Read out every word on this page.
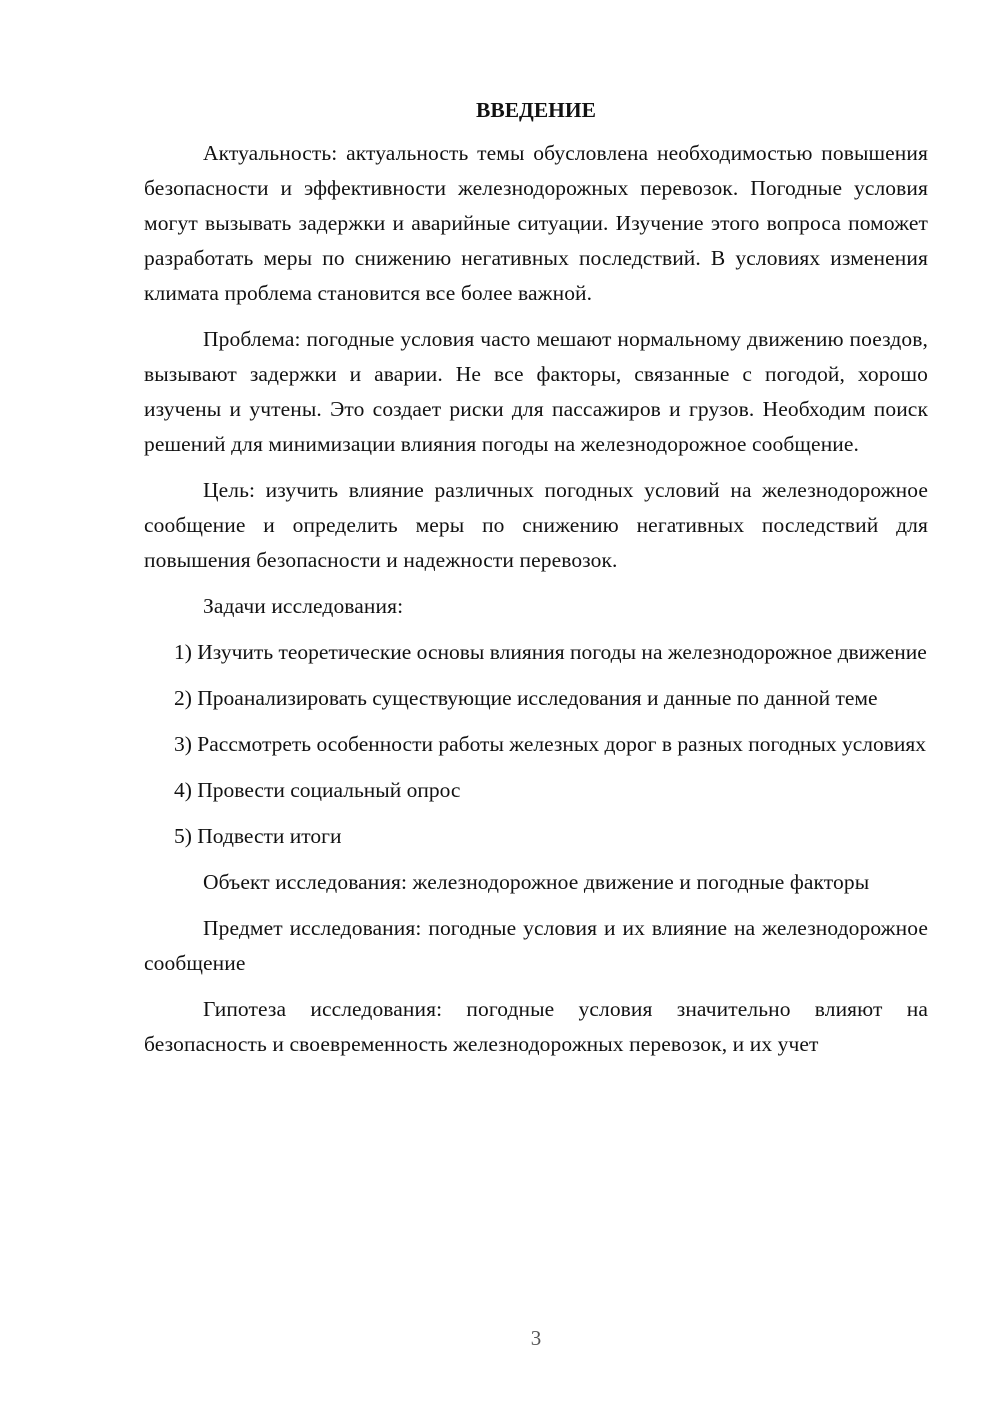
ВВЕДЕНИЕ

Актуальность: актуальность темы обусловлена необходимостью повышения безопасности и эффективности железнодорожных перевозок. Погодные условия могут вызывать задержки и аварийные ситуации. Изучение этого вопроса поможет разработать меры по снижению негативных последствий. В условиях изменения климата проблема становится все более важной.

Проблема: погодные условия часто мешают нормальному движению поездов, вызывают задержки и аварии. Не все факторы, связанные с погодой, хорошо изучены и учтены. Это создает риски для пассажиров и грузов. Необходим поиск решений для минимизации влияния погоды на железнодорожное сообщение.

Цель: изучить влияние различных погодных условий на железнодорожное сообщение и определить меры по снижению негативных последствий для повышения безопасности и надежности перевозок.

Задачи исследования:

1) Изучить теоретические основы влияния погоды на железнодорожное движение

2) Проанализировать существующие исследования и данные по данной теме

3) Рассмотреть особенности работы железных дорог в разных погодных условиях

4) Провести социальный опрос

5) Подвести итоги

Объект исследования: железнодорожное движение и погодные факторы

Предмет исследования: погодные условия и их влияние на железнодорожное сообщение

Гипотеза исследования: погодные условия значительно влияют на безопасность и своевременность железнодорожных перевозок, и их учет

3
